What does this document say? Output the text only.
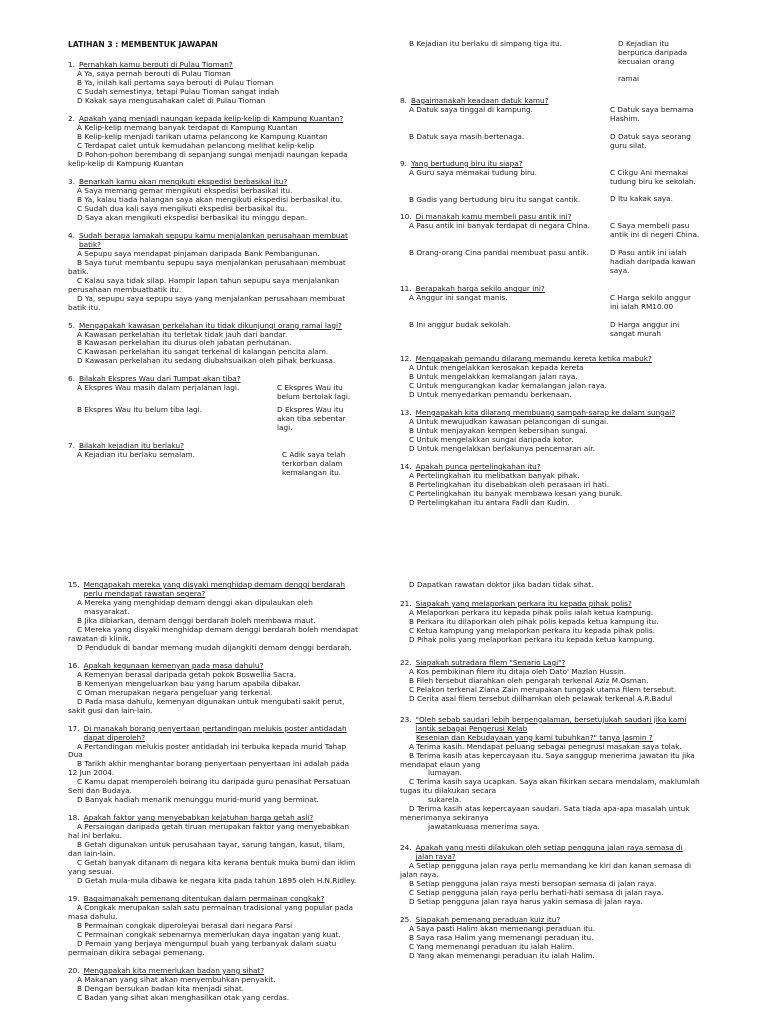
LATIHAN 3 : MEMBENTUK JAWAPAN
1. Pernahkah kamu berouti di Pulau Tioman?
A Ya, saya pernah berouti di Pulau Tioman
B Ya, inilah kali pertama saya berouti di Pulau Tioman
C Sudah semestinya, tetapi Pulau Tioman sangat indah
D Kakak saya mengusahakan calet di Pulau Tioman
2. Apakah yang menjadi naungan kepada kelip-kelip di Kampung Kuantan?
A Kelip-kelip memang banyak terdapat di Kampung Kuantan
B Kelip-kelip menjadi tarikan utama pelancong ke Kampung Kuantan
C Terdapat calet untuk kemudahan pelancong melihat kelip-kelip
D Pohon-pohon berembang di sepanjang sungai menjadi naungan kepada kelip-kelip di Kampung Kuantan
3. Benarkah kamu akan mengikuti ekspedisi berbasikal itu?
A Saya memang gemar mengikuti ekspedisi berbasikal itu.
B Ya, kalau tiada halangan saya akan mengikuti ekspedisi berbasikal itu.
C Sudah dua kali saya mengikuti ekspedisi berbasikal itu.
D Saya akan mengikuti ekspedisi berbasikal itu minggu depan.
4. Sudah berapa lamakah sepupu kamu menjalankan perusahaan membuat batik?
A Sepupu saya mendapat pinjaman daripada Bank Pembangunan.
B Saya turut membantu sepupu saya menjalankan perusahaan membuat batik.
C Kalau saya tidak silap. Hampir lapan tahun sepupu saya menjalankan perusahaan membuatbatik itu.
D Ya, sepupu saya sepupu saya yang menjalankan perusahaan membuat batik itu.
5. Mengapakah kawasan perkelahan itu tidak dikunjungi orang ramai lagi?
A Kawasan perkelahan itu terletak tidak jauh dari bandar.
B Kawasan perkelahan itu diurus oleh jabatan perhutanan.
C Kawasan perkelahan itu sangat terkenal di kalangan pencita alam.
D Kawasan perkelahan itu sedang diubahsuaikan oleh pihak berkuasa.
6. Bilakah Ekspres Wau dari Tumpat akan tiba?
A Ekspres Wau masih dalam perjalanan lagi.	C Ekspres Wau itu belum bertolak lagi.
B Ekspres Wau itu belum tiba lagi.	D Ekspres Wau itu akan tiba sebentar lagi.
7. Bilakah kejadian itu berlaku?
A Kejadian itu berlaku semalam.	C Adik saya telah terkorban dalam kemalangan itu.
B Kejadian itu berlaku di simpang tiga itu.	D Kejadian itu berpunca daripada kecuaian orang
ramai
8. Bagaimanakah keadaan datuk kamu?
A Datuk saya tinggal di kampung.	C Datuk saya bernama Hashim.
B Datuk saya masih bertenaga.	D Datuk saya seorang guru silat.
9. Yang bertudung biru itu siapa?
A Guru saya memakai tudung biru.	C Cikgu Ani memakai tudung biru ke sekolah.
B Gadis yang bertudung biru itu sangat cantik.	D Itu kakak saya.
10. Di manakah kamu membeli pasu antik ini?
A Pasu antik ini banyak terdapat di negara China.	C Saya membeli pasu antik ini di negeri China.
B Orang-orang Cina pandai membuat pasu antik.	D Pasu antik ini ialah hadiah daripada kawan saya.
11. Berapakah harga sekilo anggur ini?
A Anggur ini sangat manis.	C Harga sekilo anggur ini ialah RM10.00
B Ini anggur budak sekolah.	D Harga anggur ini sangat murah
12. Mengapakah pemandu dilarang memandu kereta ketika mabuk?
A Untuk mengelakkan kerosakan kepada kereta
B Untuk mengelakkan kemalangan jalan raya.
C Untuk mengurangkan kadar kemalangan jalan raya.
D Untuk menyedarkan pemandu berkenaan.
13. Mengapakah kita dilarang membuang sampah-sarap ke dalam sungai?
A Untuk mewujudkan kawasan pelancongan di sungai.
B Untuk menjayakan kempen kebersihan sungai.
C Untuk mengelakkan sungai daripada kotor.
D Untuk mengelakkan berlakunya pencemaran air.
14. Apakah punca pertelingkahan itu?
A Pertelingkahan itu melibatkan banyak pihak.
B Pertelingkahan itu disebabkan oleh perasaan iri hati.
C Pertelingkahan itu banyak membawa kesan yang buruk.
D Pertelingkahan itu antara Fadli dan Kudin.
15. Mengapakah mereka yang disyaki menghidap demam denggi berdarah perlu mendapat rawatan segera?
A Mereka yang menghidap demam denggi akan dipulaukan oleh masyarakat.
B Jika dibiarkan, demam denggi berdarah boleh membawa maut.
C Mereka yang disyaki menghidap demam denggi berdarah boleh mendapat rawatan di klinik.
D Penduduk di bandar memang mudah dijangkiti demam denggi berdarah.
16. Apakah kegunaan kemenyan pada masa dahulu?
A Kemenyan berasal daripada getah pokok Boswellia Sacra.
B Kemenyan mengeluarkan bau yang harum apabila dibakar.
C Oman merupakan negara pengeluar yang terkenal.
D Pada masa dahulu, kemenyan digunakan untuk mengubati sakit perut, sakit gusi dan lain-lain.
17. Di manakah borang penyertaan pertandingan melukis poster antidadah dapat diperoleh?
A Pertandingan melukis poster antidadah ini terbuka kepada murid Tahap Dua
B Tarikh akhir menghantar borang penyertaan penyertaan ini adalah pada 12 Jun 2004.
C Kamu dapat memperoleh boirang itu daripada guru penasihat Persatuan Seni dan Budaya.
D Banyak hadiah menarik menunggu murid-murid yang berminat.
18. Apakah faktor yang menyebabkan kejatuhan harga getah asli?
A Persaingan daripada getah tiruan merupakan faktor yang menyebabkan hal ini berlaku.
B Getah digunakan untuk perusahaan tayar, sarung tangan, kasut, tilam, dan lain-lain.
C Getah banyak ditanam di negara kita kerana bentuk muka bumi dan iklim yang sesuai.
D Getah mula-mula dibawa ke negara kita pada tahun 1895 oleh H.N.Ridley.
19. Bagaimanakah pemenang ditentukan dalam permainan congkak?
A Congkak merupakan salah satu permainan tradisional yang popular pada masa dahulu.
B Permainan congkak diperoleyai berasal dari negara Parsi
C Permainan congkak sebenarnya memerlukan daya ingatan yang kuat.
D Pemain yang berjaya mengumpul buah yang terbanyak dalam suatu permainan dikira sebagai pemenang.
20. Mengapakah kita memerlukan badan yang sihat?
A Makanan yang sihat akan menyembuhkan penyakit.
B Dengan bersukan badan kita menjadi sihat.
C Badan yang sihat akan menghasilkan otak yang cerdas.
D Dapatkan rawatan doktor jika badan tidak sihat.
21. Siapakah yang melaporkan perkara itu kepada pihak polis?
A Melaporkan perkara itu kepada pihak polis ialah ketua kampung.
B Perkara itu dilaporkan oleh pihak polis kepada ketua kampung itu.
C Ketua kampung yang melaporkan perkara itu kepada pihak polis.
D Pihak polis yang melaporkan perkara itu kepada ketua kampung.
22. Siapakah sutradara filem "Senario Lagi"?
A Kos pembikinan filem itu ditaja oleh Dato' Mazlan Hussin.
B Fileh tersebut diarahkan oleh pengarah terkenal Aziz M.Osman.
C Pelakon terkenal Ziana Zain merupakan tunggak utama filem tersebut.
D Cerita asal filem tersebut diilhamkan oleh pelawak terkenal A.R.Badul
23. "Oleh sebab saudari lebih berpengalaman, bersetujukah saudari jika kami lantik sebagai Pengerusi Kelab
Kesenian dan Kebudayaan yang kami tubuhkan?" tanya Jasmin ?
A Terima kasih. Mendapat peluang sebagai penegrusi masakan saya tolak.
B Terima kasih atas kepercayaan itu. Saya sanggup menerima jawatan itu jika mendapat elaun yang
lumayan.
C Terima kasih saya ucapkan. Saya akan fikirkan secara mendalam, maklumlah tugas itu dilakukan secara
sukarela.
D Terima kasih atas kepercayaan saudari. Sata tiada apa-apa masalah untuk menerimanya sekiranya
jawatankuasa menerima saya.
24. Apakah yang mesti dilakukan oleh setiap pengguna jalan raya semasa di jalan raya?
A Setiap pengguna jalan raya perlu memandang ke kiri dan kanan semasa di jalan raya.
B Setiap pengguna jalan raya mesti bersopan semasa di jalan raya.
C Setiap pengguna jalan raya perlu berhati-hati semasa di jalan raya.
D Setiap pengguna jalan raya harus yakin semasa di jalan raya.
25. Siapakah pemenang peraduan kuiz itu?
A Saya pasti Halim akan memenangi peraduan itu.
B Saya rasa Halim yang memenangi peraduan itu.
C Yang memenangi peraduan itu ialah Halim.
D Yang akan memenangi peraduan itu ialah Halim.
